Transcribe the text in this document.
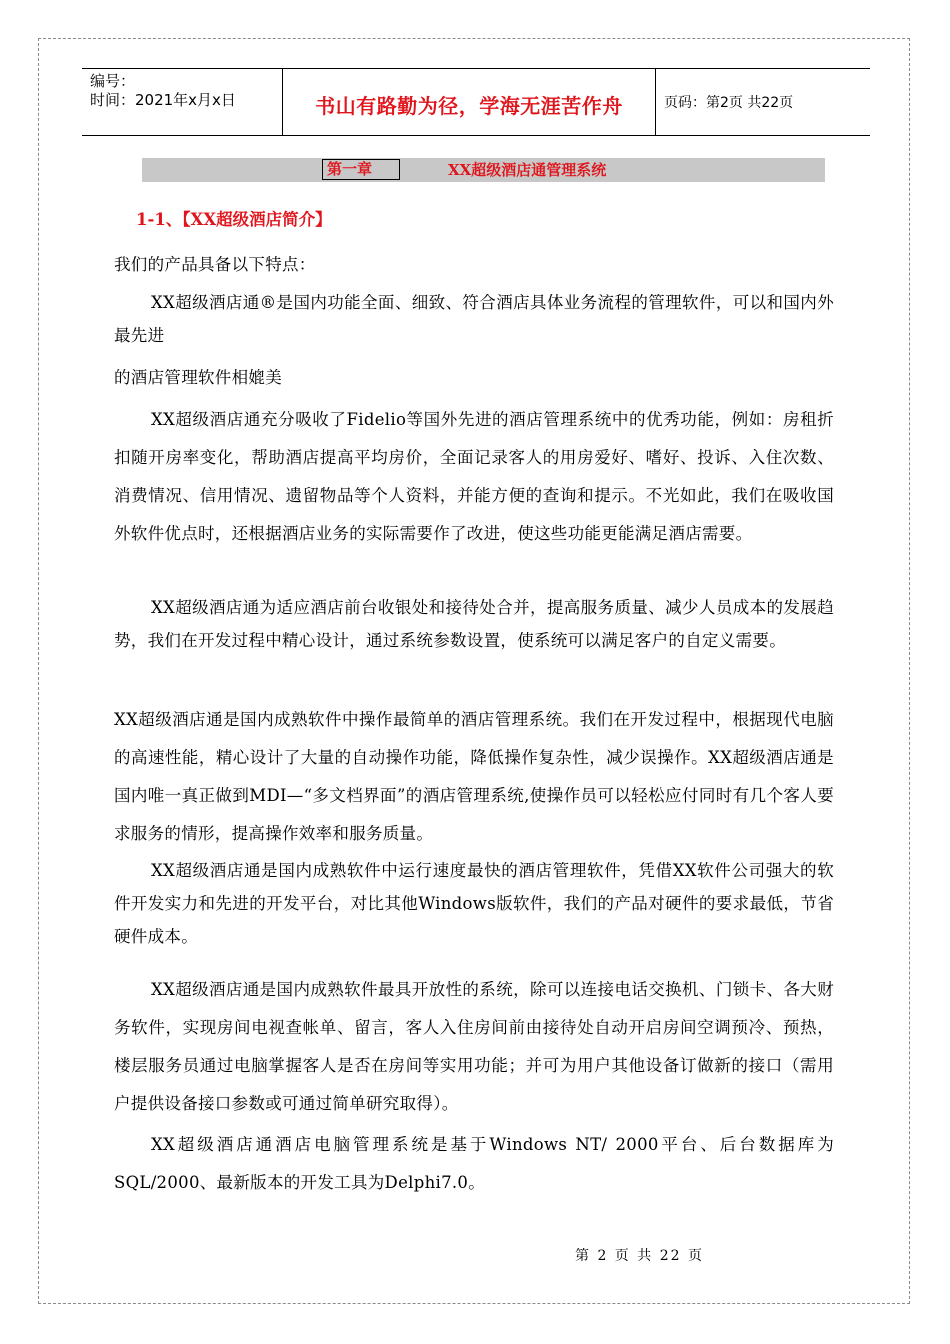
编号：
时间：2021年x月x日	书山有路勤为径，学海无涯苦作舟	页码：第2页 共22页
第一章	XX超级酒店通管理系统
1-1、【XX超级酒店简介】

我们的产品具备以下特点：

XX超级酒店通®是国内功能全面、细致、符合酒店具体业务流程的管理软件，可以和国内外最先进

的酒店管理软件相媲美

XX超级酒店通充分吸收了Fidelio等国外先进的酒店管理系统中的优秀功能，例如：房租折扣随开房率变化，帮助酒店提高平均房价，全面记录客人的用房爱好、嗜好、投诉、入住次数、消费情况、信用情况、遗留物品等个人资料，并能方便的查询和提示。不光如此，我们在吸收国外软件优点时，还根据酒店业务的实际需要作了改进，使这些功能更能满足酒店需要。

XX超级酒店通为适应酒店前台收银处和接待处合并，提高服务质量、减少人员成本的发展趋势，我们在开发过程中精心设计，通过系统参数设置，使系统可以满足客户的自定义需要。

XX超级酒店通是国内成熟软件中操作最简单的酒店管理系统。我们在开发过程中，根据现代电脑的高速性能，精心设计了大量的自动操作功能，降低操作复杂性，减少误操作。XX超级酒店通是国内唯一真正做到MDI—“多文档界面”的酒店管理系统,使操作员可以轻松应付同时有几个客人要求服务的情形，提高操作效率和服务质量。

XX超级酒店通是国内成熟软件中运行速度最快的酒店管理软件，凭借XX软件公司强大的软件开发实力和先进的开发平台，对比其他Windows版软件，我们的产品对硬件的要求最低，节省硬件成本。

XX超级酒店通是国内成熟软件最具开放性的系统，除可以连接电话交换机、门锁卡、各大财务软件，实现房间电视查帐单、留言，客人入住房间前由接待处自动开启房间空调预冷、预热，楼层服务员通过电脑掌握客人是否在房间等实用功能；并可为用户其他设备订做新的接口（需用户提供设备接口参数或可通过简单研究取得）。

XX超级酒店通酒店电脑管理系统是基于Windows NT/ 2000平台、后台数据库为SQL/2000、最新版本的开发工具为Delphi7.0。

第 2 页 共 22 页
